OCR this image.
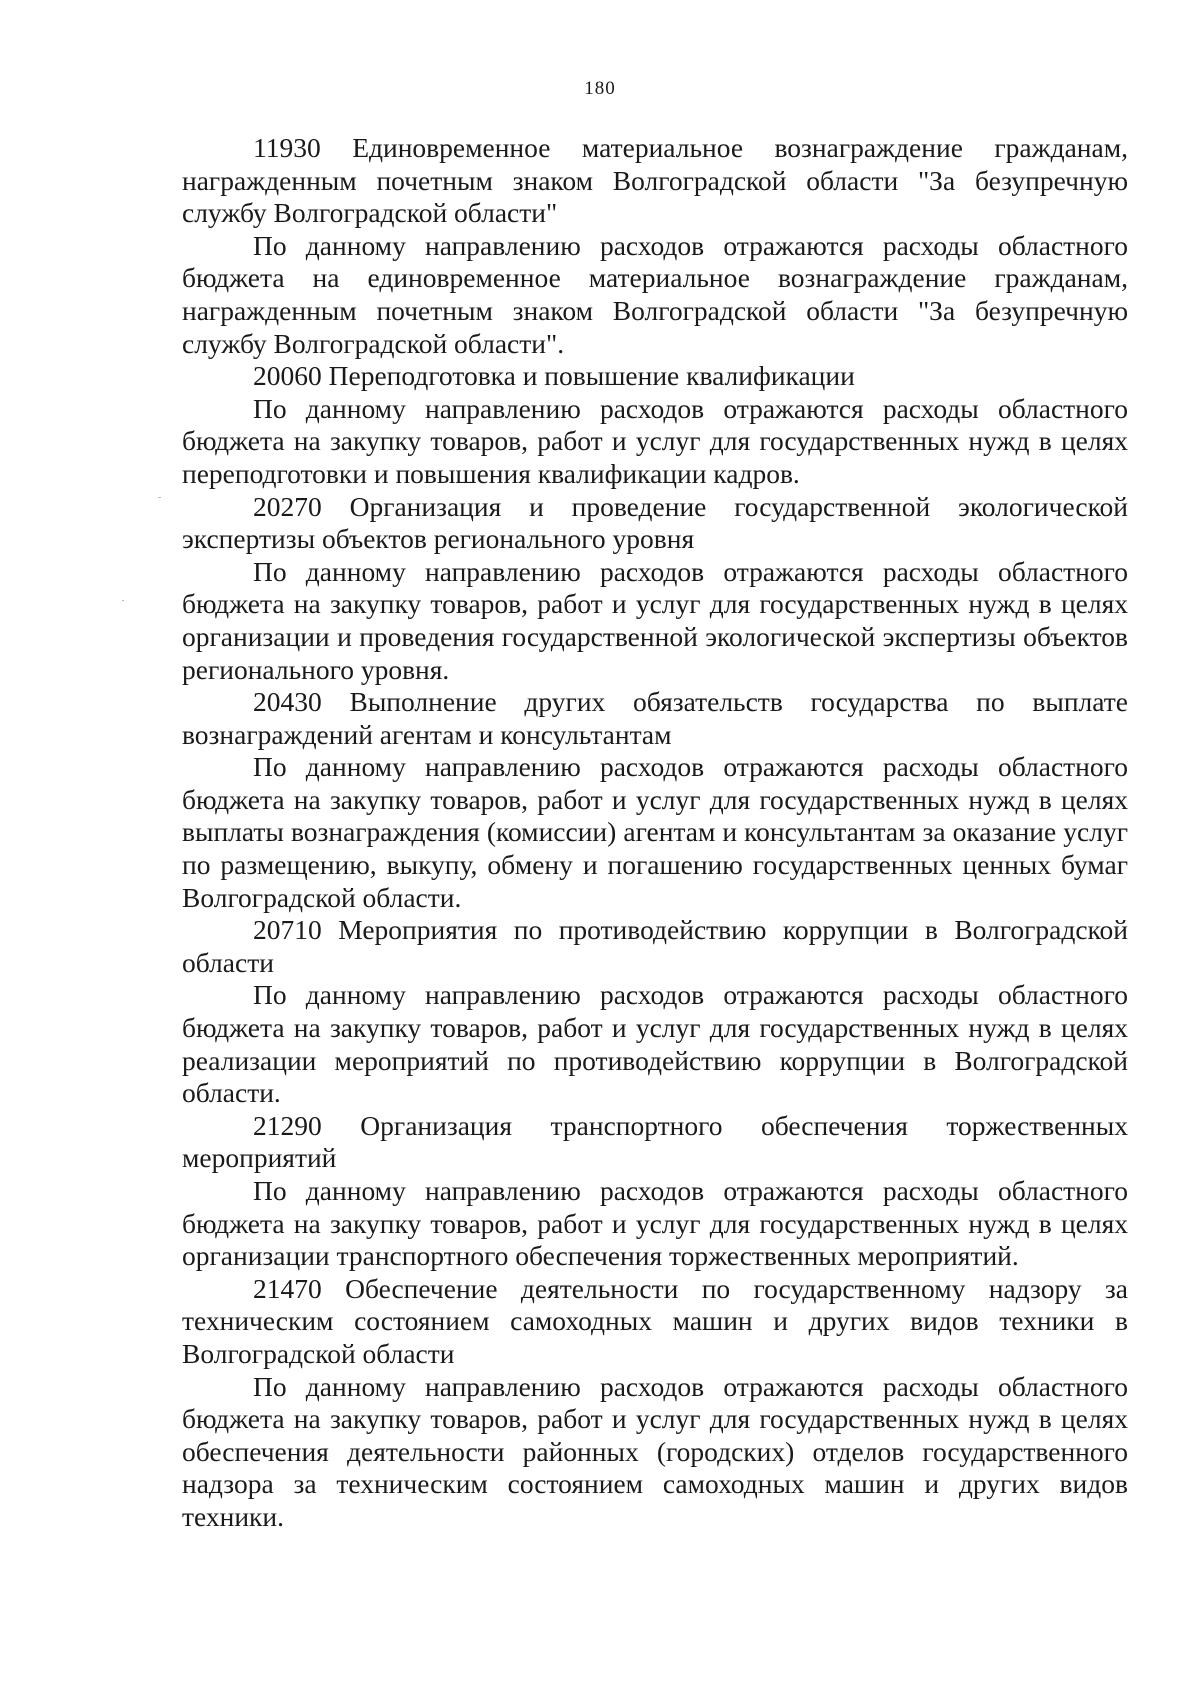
180

11930 Единовременное материальное вознаграждение гражданам, награжденным почетным знаком Волгоградской области "За безупречную службу Волгоградской области"

По данному направлению расходов отражаются расходы областного бюджета на единовременное материальное вознаграждение гражданам, награжденным почетным знаком Волгоградской области "За безупречную службу Волгоградской области".

20060 Переподготовка и повышение квалификации

По данному направлению расходов отражаются расходы областного бюджета на закупку товаров, работ и услуг для государственных нужд в целях переподготовки и повышения квалификации кадров.

20270 Организация и проведение государственной экологической экспертизы объектов регионального уровня

По данному направлению расходов отражаются расходы областного бюджета на закупку товаров, работ и услуг для государственных нужд в целях организации и проведения государственной экологической экспертизы объектов регионального уровня.

20430 Выполнение других обязательств государства по выплате вознаграждений агентам и консультантам

По данному направлению расходов отражаются расходы областного бюджета на закупку товаров, работ и услуг для государственных нужд в целях выплаты вознаграждения (комиссии) агентам и консультантам за оказание услуг по размещению, выкупу, обмену и погашению государственных ценных бумаг Волгоградской области.

20710 Мероприятия по противодействию коррупции в Волгоградской области

По данному направлению расходов отражаются расходы областного бюджета на закупку товаров, работ и услуг для государственных нужд в целях реализации мероприятий по противодействию коррупции в Волгоградской области.

21290 Организация транспортного обеспечения торжественных мероприятий

По данному направлению расходов отражаются расходы областного бюджета на закупку товаров, работ и услуг для государственных нужд в целях организации транспортного обеспечения торжественных мероприятий.

21470 Обеспечение деятельности по государственному надзору за техническим состоянием самоходных машин и других видов техники в Волгоградской области

По данному направлению расходов отражаются расходы областного бюджета на закупку товаров, работ и услуг для государственных нужд в целях обеспечения деятельности районных (городских) отделов государственного надзора за техническим состоянием самоходных машин и других видов техники.
